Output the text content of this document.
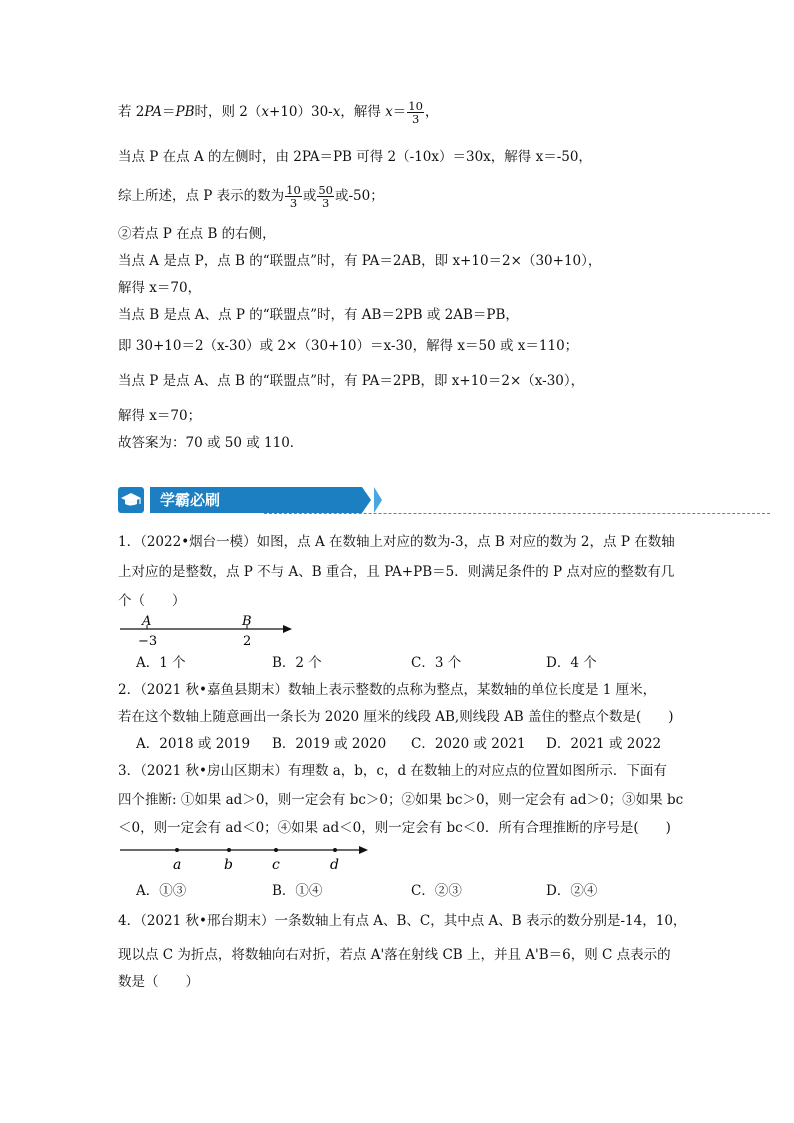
若 2PA＝PB时，则 2（x+10）30-x，解得 $x= \frac{10}{3}$ ，
当点 P 在点 A 的左侧时，由 2PA＝PB 可得 2（-10x）＝30x，解得 x＝-50，
综上所述，点 P 表示的数为 $\frac{10}{3}$ 或 $\frac{50}{3}$ 或-50；
②若点 P 在点 B 的右侧，
当点 A 是点 P，点 B 的“联盟点”时，有 PA＝2AB，即 x+10＝2×（30+10），
解得 x＝70，
当点 B 是点 A、点 P 的“联盟点”时，有 AB＝2PB 或 2AB＝PB，
即 30+10＝2（x-30）或 2×（30+10）＝x-30，解得 x＝50 或 x＝110；
当点 P 是点 A、点 B 的“联盟点”时，有 PA＝2PB，即 x+10＝2×（x-30），
解得 x＝70；
故答案为：70 或 50 或 110．
学霸必刷
1．（2022•烟台一模）如图，点 A 在数轴上对应的数为-3，点 B 对应的数为 2，点 P 在数轴
上对应的是整数，点 P 不与 A、B 重合，且 PA+PB＝5．则满足条件的 P 点对应的整数有几
个（　　）
A
−3
B
2
A．1 个	B．2 个	C．3 个	D．4 个
2．（2021 秋•嘉鱼县期末）数轴上表示整数的点称为整点，某数轴的单位长度是 1 厘米，
若在这个数轴上随意画出一条长为 2020 厘米的线段 AB,则线段 AB 盖住的整点个数是(　　)
A．2018 或 2019 B．2019 或 2020 C．2020 或 2021 D．2021 或 2022
3．（2021 秋•房山区期末）有理数 a，b，c，d 在数轴上的对应点的位置如图所示．下面有
四个推断: ①如果 ad＞0，则一定会有 bc＞0；②如果 bc＞0，则一定会有 ad＞0；③如果 bc
＜0，则一定会有 ad＜0；④如果 ad＜0，则一定会有 bc＜0．所有合理推断的序号是(　　)
a	b	c	d
A．①③	B．①④	C．②③	D．②④
4．（2021 秋•邢台期末）一条数轴上有点 A、B、C，其中点 A、B 表示的数分别是-14，10，
现以点 C 为折点，将数轴向右对折，若点 A'落在射线 CB 上，并且 A'B＝6，则 C 点表示的
数是（　　）
